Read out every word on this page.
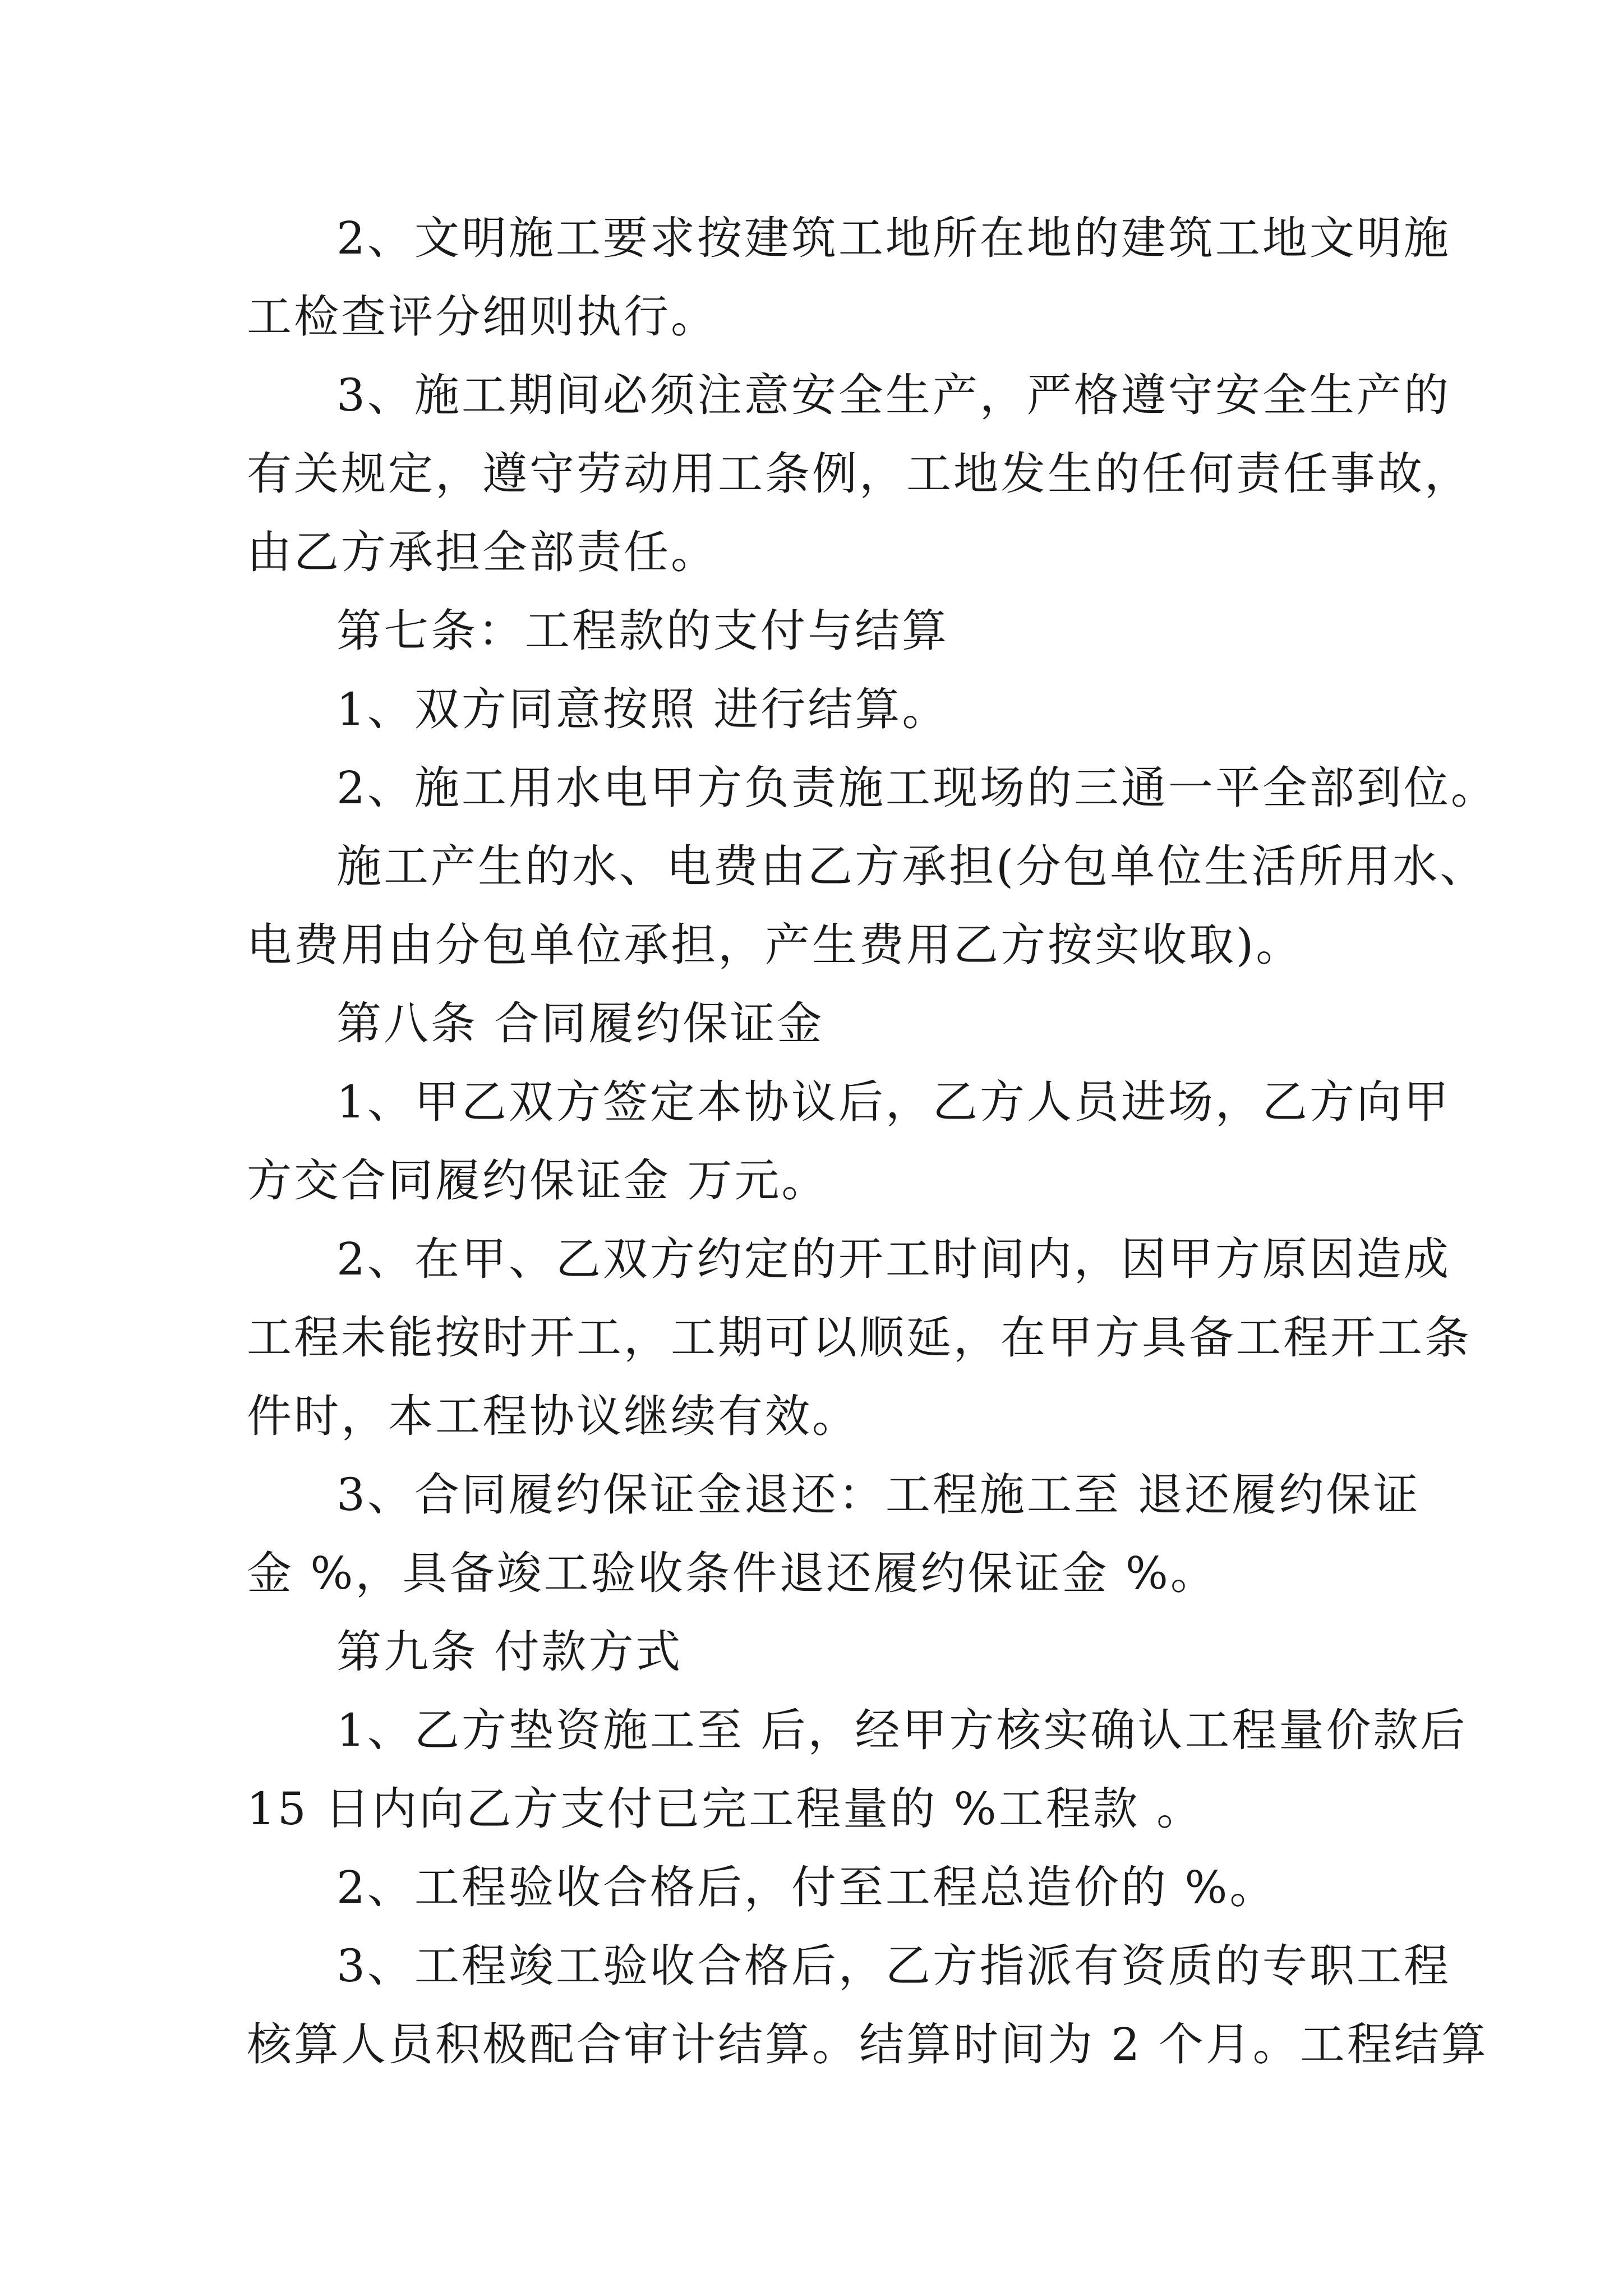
2、文明施工要求按建筑工地所在地的建筑工地文明施
工检查评分细则执行。
3、施工期间必须注意安全生产，严格遵守安全生产的
有关规定，遵守劳动用工条例，工地发生的任何责任事故，
由乙方承担全部责任。
第七条：工程款的支付与结算
1、双方同意按照 进行结算。
2、施工用水电甲方负责施工现场的三通一平全部到位。
施工产生的水、电费由乙方承担(分包单位生活所用水、
电费用由分包单位承担，产生费用乙方按实收取)。
第八条 合同履约保证金
1、甲乙双方签定本协议后，乙方人员进场，乙方向甲
方交合同履约保证金 万元。
2、在甲、乙双方约定的开工时间内，因甲方原因造成
工程未能按时开工，工期可以顺延，在甲方具备工程开工条
件时，本工程协议继续有效。
3、合同履约保证金退还：工程施工至 退还履约保证
金 %，具备竣工验收条件退还履约保证金 %。
第九条 付款方式
1、乙方垫资施工至 后，经甲方核实确认工程量价款后
15 日内向乙方支付已完工程量的 %工程款 。
2、工程验收合格后，付至工程总造价的 %。
3、工程竣工验收合格后，乙方指派有资质的专职工程
核算人员积极配合审计结算。结算时间为 2 个月。工程结算
